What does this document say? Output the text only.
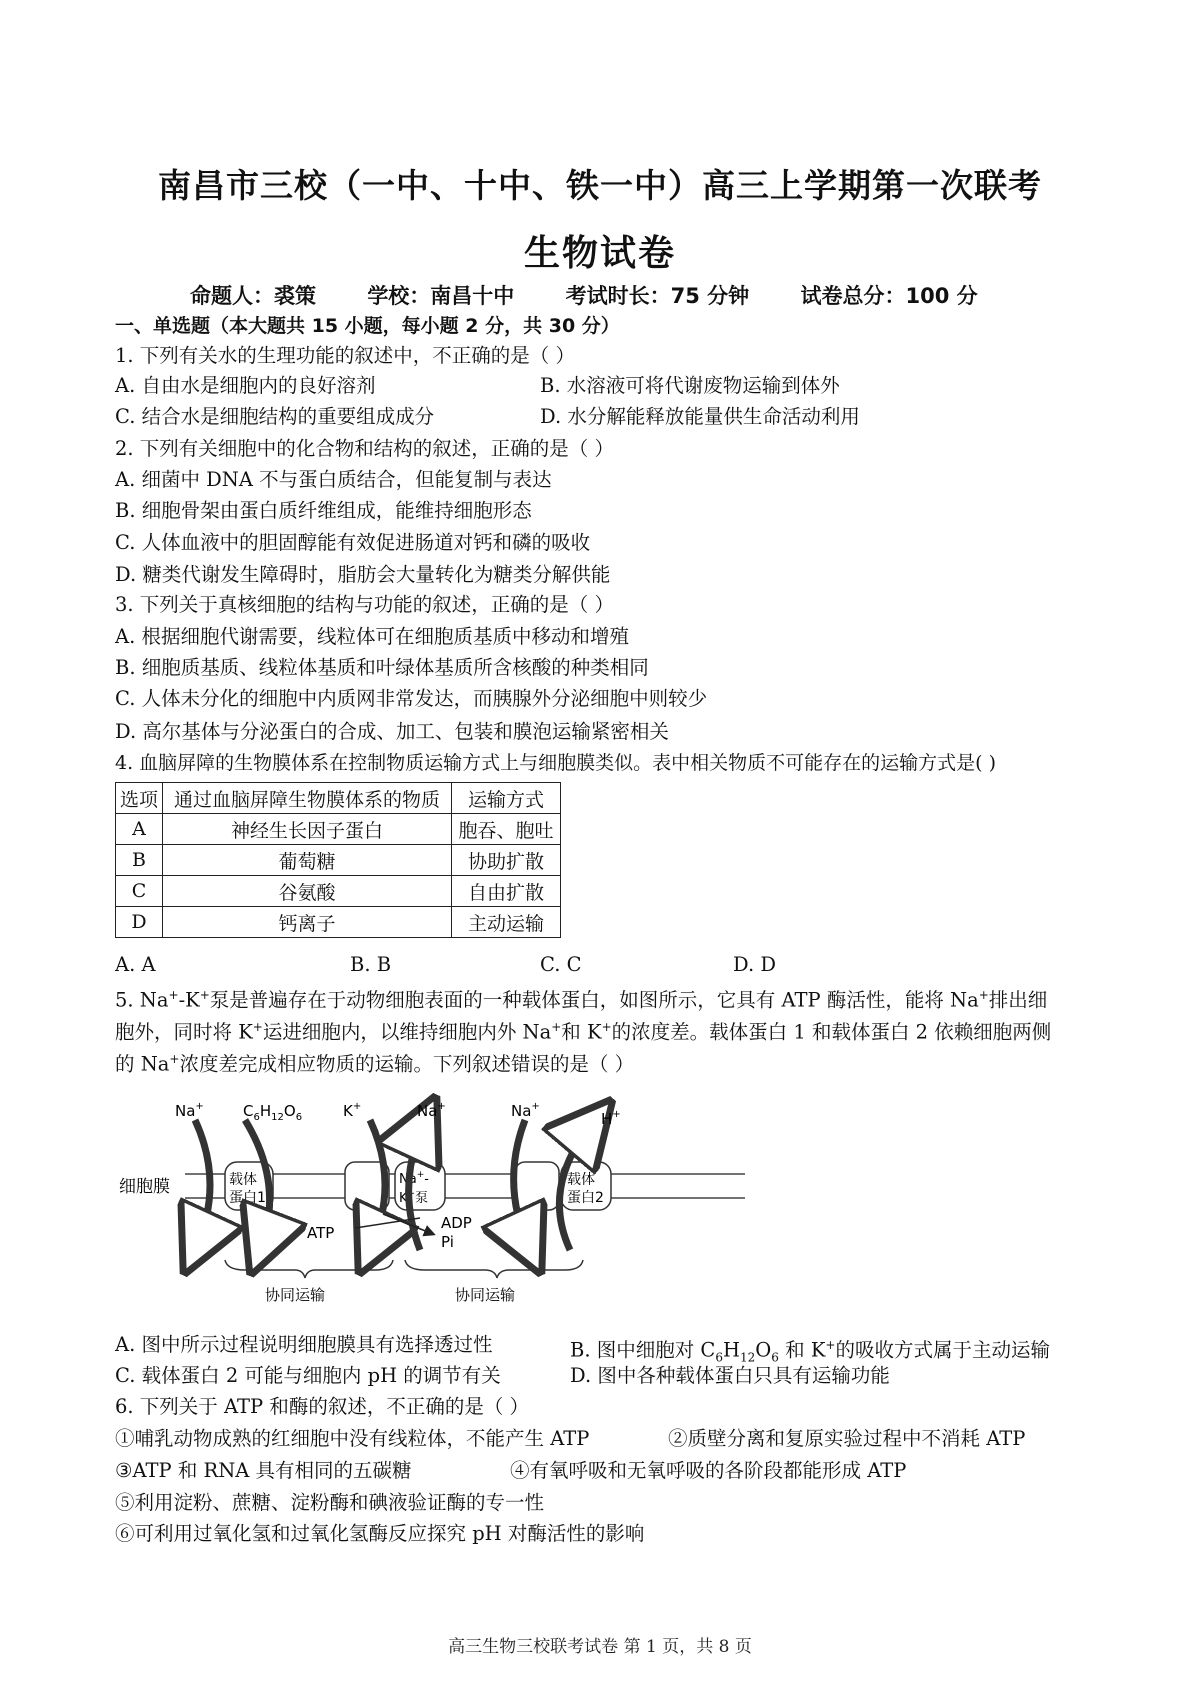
南昌市三校（一中、十中、铁一中）高三上学期第一次联考
生物试卷
命题人：裘策 学校：南昌十中 考试时长：75 分钟 试卷总分：100 分
一、单选题（本大题共 15 小题，每小题 2 分，共 30 分）
1. 下列有关水的生理功能的叙述中，不正确的是（ ）
A. 自由水是细胞内的良好溶剂	B. 水溶液可将代谢废物运输到体外
C. 结合水是细胞结构的重要组成成分	D. 水分解能释放能量供生命活动利用
2. 下列有关细胞中的化合物和结构的叙述，正确的是（ ）
A. 细菌中 DNA 不与蛋白质结合，但能复制与表达
B. 细胞骨架由蛋白质纤维组成，能维持细胞形态
C. 人体血液中的胆固醇能有效促进肠道对钙和磷的吸收
D. 糖类代谢发生障碍时，脂肪会大量转化为糖类分解供能
3. 下列关于真核细胞的结构与功能的叙述，正确的是（ ）
A. 根据细胞代谢需要，线粒体可在细胞质基质中移动和增殖
B. 细胞质基质、线粒体基质和叶绿体基质所含核酸的种类相同
C. 人体未分化的细胞中内质网非常发达，而胰腺外分泌细胞中则较少
D. 高尔基体与分泌蛋白的合成、加工、包装和膜泡运输紧密相关
4. 血脑屏障的生物膜体系在控制物质运输方式上与细胞膜类似。表中相关物质不可能存在的运输方式是( )
选项	通过血脑屏障生物膜体系的物质	运输方式
A	神经生长因子蛋白	胞吞、胞吐
B	葡萄糖	协助扩散
C	谷氨酸	自由扩散
D	钙离子	主动运输
A. A	B. B	C. C	D. D
5. Na+-K+泵是普遍存在于动物细胞表面的一种载体蛋白，如图所示，它具有 ATP 酶活性，能将 Na+排出细
胞外，同时将 K+运进细胞内，以维持细胞内外 Na+和 K+的浓度差。载体蛋白 1 和载体蛋白 2 依赖细胞两侧
的 Na+浓度差完成相应物质的运输。下列叙述错误的是（ ）
细胞膜	载体
蛋白1
Na+-
K+泵
载体
蛋白2
Na+	$C_6H_{12}O_6$	K+	Na+	Na+
H+
ATP
ADP
Pi
协同运输	协同运输
A. 图中所示过程说明细胞膜具有选择透过性	B. 图中细胞对 $C_6H_{12}O_6$ 和 K+的吸收方式属于主动运输
C. 载体蛋白 2 可能与细胞内 pH 的调节有关	D. 图中各种载体蛋白只具有运输功能
6. 下列关于 ATP 和酶的叙述，不正确的是（ ）
①哺乳动物成熟的红细胞中没有线粒体，不能产生 ATP	②质壁分离和复原实验过程中不消耗 ATP
③ATP 和 RNA 具有相同的五碳糖	④有氧呼吸和无氧呼吸的各阶段都能形成 ATP
⑤利用淀粉、蔗糖、淀粉酶和碘液验证酶的专一性
⑥可利用过氧化氢和过氧化氢酶反应探究 pH 对酶活性的影响
高三生物三校联考试卷 第 1 页，共 8 页
